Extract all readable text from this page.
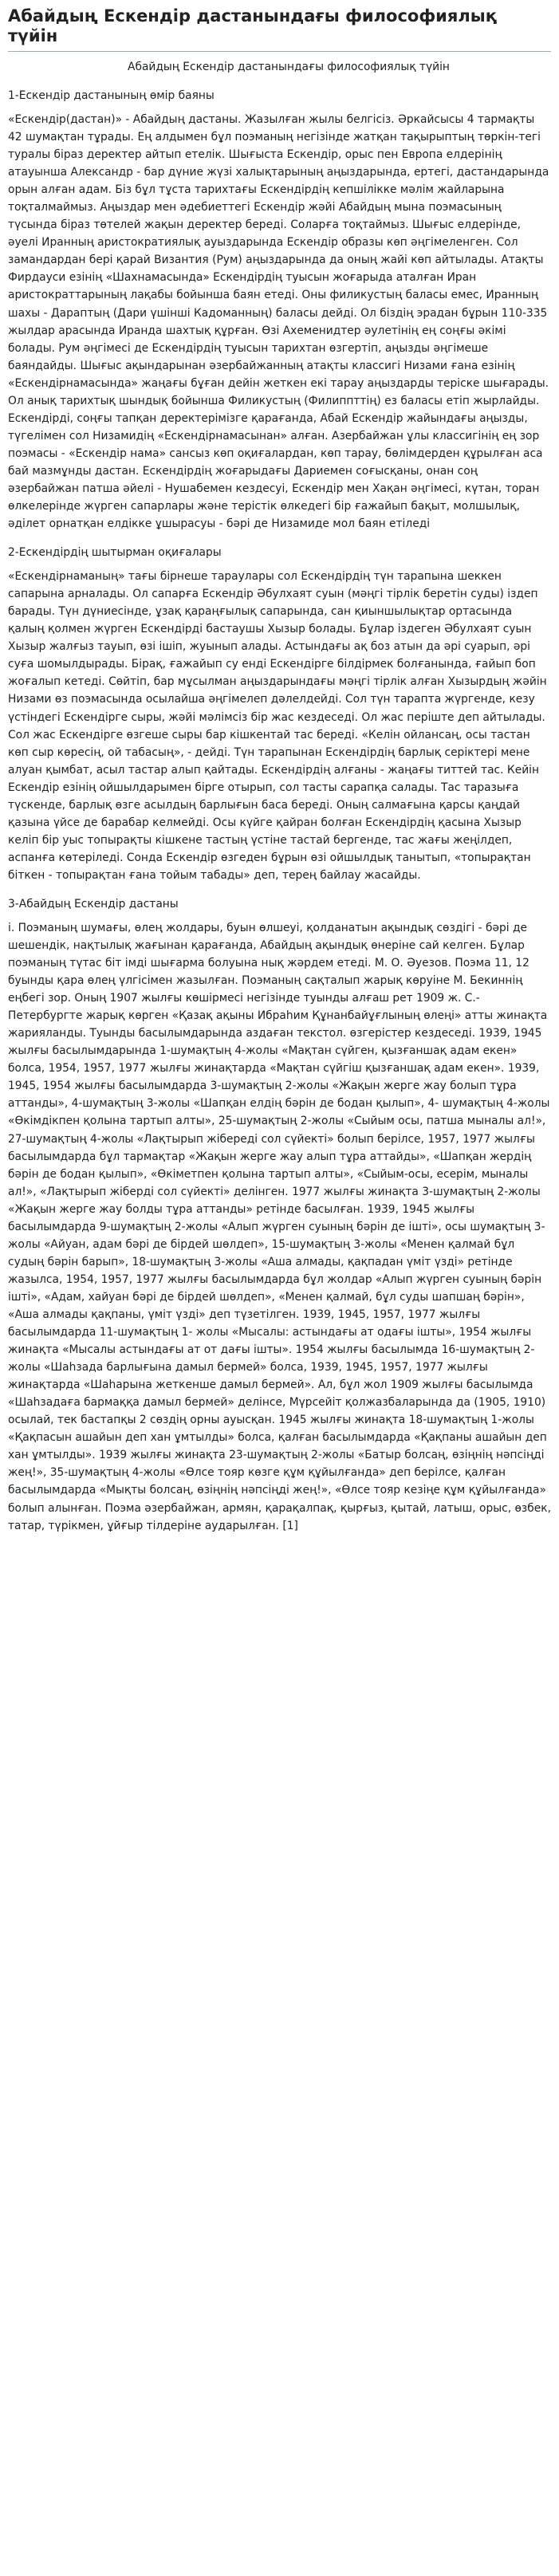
Абайдың Ескендір дастанындағы философиялық түйін
Абайдың Ескендір дастанындағы философиялық түйін
1-Ескендір дастанының өмір баяны

«Ескендір(дастан)» - Абайдың дастаны. Жазылған жылы белгісіз. Әркайсысы 4 тармақты 42 шумақтан тұрады. Ең алдымен бұл поэманың негізінде жатқан тақырыптың төркін-тегі туралы біраз деректер айтып етелік. Шығыста Ескендір, орыс пен Европа елдерінің атауынша Александр - бар дүние жүзі халықтарының аңыздарында, ертегі, дастандарында орын алған адам. Біз бұл тұста тарихтағы Ескендірдің кепшілікке мәлім жайларына тоқталмаймыз. Аңыздар мен әдебиеттегі Ескендір жәйі Абайдың мына поэмасының түсында біраз төтелей жақын деректер береді. Соларға тоқтаймыз. Шығыс елдерінде, әуелі Иранның аристократиялық ауыздарында Ескендір образы көп әңгімеленген. Сол замандардан бері қарай Византия (Рум) аңыздарында да оның жайі көп айтылады. Атақты Фирдауси езінің «Шахнамасында» Ескендірдің туысын жоғарыда аталған Иран аристократтарының лақабы бойынша баян етеді. Оны филикустың баласы емес, Иранның шахы - Дараптың (Дари үшінші Кадоманның) баласы дейді. Ол біздің эрадан бұрын 110-335 жылдар арасында Иранда шахтық құрған. Өзі Ахеменидтер әулетінің ең соңғы әкімі болады. Рум әңгімесі де Ескендірдің туысын тарихтан өзгертіп, аңызды әңгімеше баяндайды. Шығыс ақындарынан әзербайжанның атақты классигі Низами ғана езінің «Ескендірнамасында» жаңағы бұған дейін жеткен екі тарау аңыздарды теріске шығарады. Ол анық тарихтық шындық бойынша Филикустың (Филиппттің) ез баласы етіп жырлайды. Ескендірді, соңғы тапқан деректерімізге қарағанда, Абай Ескендір жайындағы аңызды, түгелімен сол Низамидің «Ескендірнамасынан» алған. Азербайжан ұлы классигінің ең зор поэмасы - «Ескендір нама» сансыз көп оқиғалардан, көп тарау, бөлімдерден құрылған аса бай мазмұнды дастан. Ескендірдің жоғарыдағы Дариемен соғысқаны, онан соң әзербайжан патша әйелі - Нушабемен кездесуі, Ескендір мен Хақан әңгімесі, күтан, торан өлкелерінде жүрген сапарлары және терістік өлкедегі бір ғажайып бақыт, молшылық, әділет орнатқан елдікке ұшырасуы - бәрі де Низамиде мол баян етіледі

2-Ескендірдің шытырман оқиғалары

«Ескендірнаманың» тағы бірнеше тараулары сол Ескендірдің түн тарапына шеккен сапарына арналады. Ол сапарға Ескендір Әбулхаят суын (мәңгі тірлік беретін суды) іздеп барады. Түн дүниесінде, ұзақ қараңғылық сапарында, сан қиыншылықтар ортасында қалың қолмен жүрген Ескендірді бастаушы Хызыр болады. Бұлар іздеген Әбулхаят суын Хызыр жалғыз тауып, өзі ішіп, жуынып алады. Астындағы ақ боз атын да әрі суарып, әрі суға шомылдырады. Бірақ, ғажайып су енді Ескендірге білдірмек болғанында, ғайып боп жоғалып кетеді. Сөйтіп, бар мұсылман аңыздарындағы мәңгі тірлік алған Хызырдың жәйін Низами өз поэмасында осылайша әңгімелеп дәлелдейді. Сол түн тарапта жүргенде, кезу үстіндегі Ескендірге сыры, жәйі мәлімсіз бір жас кездеседі. Ол жас періште деп айтылады. Сол жас Ескендірге өзгеше сыры бар кішкентай тас береді. «Келін ойлансаң, осы тастан көп сыр көресің, ой табасың», - дейді. Түн тарапынан Ескендірдің барлық серіктері мене алуан қымбат, асыл тастар алып қайтады. Ескендірдің алғаны - жаңағы титтей тас. Кейін Ескендір езінің ойшылдарымен бірге отырып, сол тасты сарапқа салады. Тас таразыға түскенде, барлық өзге асылдың барлығын баса береді. Оның салмағына қарсы қаңдай қазына үйсе де барабар келмейді. Осы күйге қайран болған Ескендірдің қасына Хызыр келіп бір уыс топырақты кішкене тастың үстіне тастай бергенде, тас жағы жеңілдеп, аспанға көтеріледі. Сонда Ескендір өзгеден бұрын өзі ойшылдық танытып, «топырақтан біткен - топырақтан ғана тойым табады» деп, терең байлау жасайды.

3-Абайдың Ескендір дастаны

і. Поэманың шумағы, өлең жолдары, буын өлшеуі, қолданатын ақындық сөздігі - бәрі де шешендік, нақтылық жағынан қарағанда, Абайдың ақындық өнеріне сай келген. Бұлар поэманың түтас біт імді шығарма болуына нық жәрдем етеді. М. О. Әуезов. Поэма 11, 12 буынды қара өлең үлгісімен жазылған. Поэманың сақталып жарық көруіне М. Бекиннің еңбегі зор. Оның 1907 жылғы көшірмесі негізінде туынды алғаш рет 1909 ж. С.-Петербургте жарық көрген «Қазақ ақыны Ибраһим Құнанбайұғлының өлеңі» атты жинақта жарияланды. Туынды басылымдарында аздаған текстол. өзгерістер кездеседі. 1939, 1945 жылғы басылымдарында 1-шумақтың 4-жолы «Мақтан сүйген, қызғаншақ адам екен» болса, 1954, 1957, 1977 жылғы жинақтарда «Мақтан сүйгіш қызғаншақ адам екен». 1939, 1945, 1954 жылғы басылымдарда 3-шумақтың 2-жолы «Жақын жерге жау болып тұра аттанды», 4-шумақтың 3-жолы «Шапқан елдің бәрін де бодан қылып», 4- шумақтың 4-жолы «Өкімдікпен қолына тартып алты», 25-шумақтың 2-жолы «Сыйым осы, патша мыналы ал!», 27-шумақтың 4-жолы «Лақтырып жібереді сол сүйекті» болып берілсе, 1957, 1977 жылғы басылымдарда бұл тармақтар «Жақын жерге жау алып тұра аттайды», «Шапқан жердің бәрін де бодан қылып», «Өкіметпен қолына тартып алты», «Сыйым-осы, есерім, мыналы ал!», «Лақтырып жіберді сол сүйекті» делінген. 1977 жылғы жинақта 3-шумақтың 2-жолы «Жақын жерге жау болды тұра аттанды» ретінде басылған. 1939, 1945 жылғы басылымдарда 9-шумақтың 2-жолы «Алып жүрген суының бәрін де ішті», осы шумақтың 3-жолы «Айуан, адам бәрі де бірдей шөлдеп», 15-шумақтың 3-жолы «Менен қалмай бұл судың бәрін барып», 18-шумақтың 3-жолы «Аша алмады, қақпадан үміт үзді» ретінде жазылса, 1954, 1957, 1977 жылғы басылымдарда бұл жолдар «Алып жүрген суының бәрін ішті», «Адам, хайуан бәрі де бірдей шөлдеп», «Менен қалмай, бұл суды шапшаң бәрін», «Аша алмады қақпаны, үміт үзді» деп түзетілген. 1939, 1945, 1957, 1977 жылғы басылымдарда 11-шумақтың 1- жолы «Мысалы: астындағы ат одағы ішты», 1954 жылғы жинақта «Мысалы астындағы ат от дағы ішты». 1954 жылғы басылымда 16-шумақтың 2-жолы «Шаһзада барлығына дамыл бермей» болса, 1939, 1945, 1957, 1977 жылғы жинақтарда «Шаһарына жеткенше дамыл бермей». Ал, бұл жол 1909 жылғы басылымда «Шаһзадаға бармаққа дамыл бермей» делінсе, Мүрсейіт қолжазбаларында да (1905, 1910) осылай, тек бастапқы 2 сөздің орны ауысқан. 1945 жылғы жинақта 18-шумақтың 1-жолы «Қақпасын ашайын деп хан ұмтылды» болса, қалған басылымдарда «Қақпаны ашайын деп хан ұмтылды». 1939 жылғы жинақта 23-шумақтың 2-жолы «Батыр болсаң, өзіңнің нәпсіңді жең!», 35-шумақтың 4-жолы «Өлсе тояр көзге құм құйылғанда» деп берілсе, қалған басылымдарда «Мықты болсаң, өзіңнің нәпсіңді жең!», «Өлсе тояр кезіңе құм құйылғанда» болып алынған. Поэма әзербайжан, армян, қарақалпақ, қырғыз, қытай, латыш, орыс, өзбек, татар, түрікмен, ұйғыр тілдеріне аударылған. [1]
